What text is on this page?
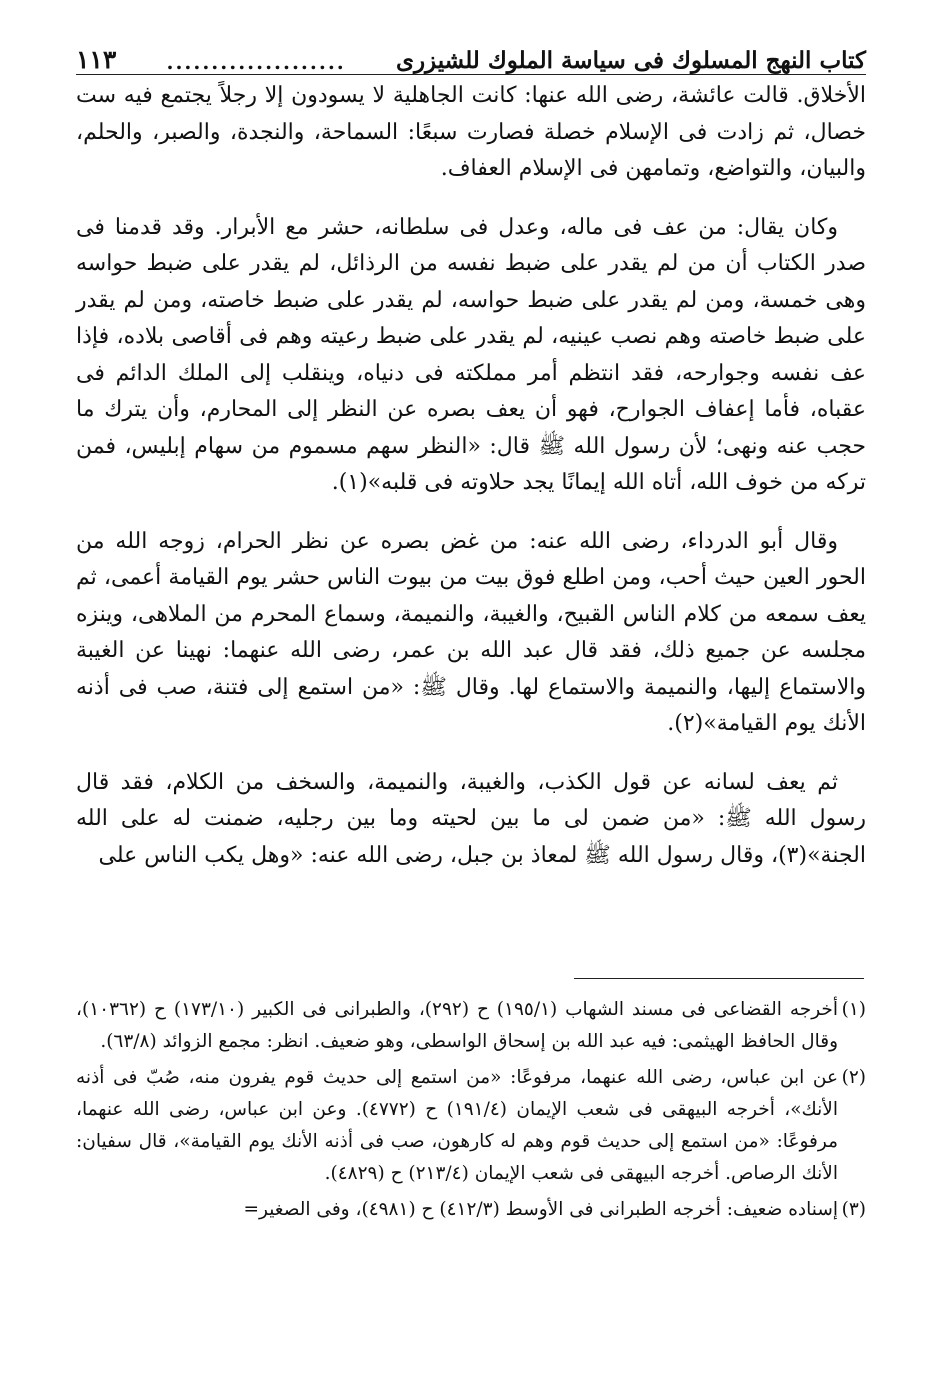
كتاب النهج المسلوك فى سياسة الملوك للشيزرى
....................
١١٣

الأخلاق. قالت عائشة، رضى الله عنها: كانت الجاهلية لا يسودون إلا رجلاً يجتمع فيه ست خصال، ثم زادت فى الإسلام خصلة فصارت سبعًا: السماحة، والنجدة، والصبر، والحلم، والبيان، والتواضع، وتمامهن فى الإسلام العفاف.

وكان يقال: من عف فى ماله، وعدل فى سلطانه، حشر مع الأبرار. وقد قدمنا فى صدر الكتاب أن من لم يقدر على ضبط نفسه من الرذائل، لم يقدر على ضبط حواسه وهى خمسة، ومن لم يقدر على ضبط حواسه، لم يقدر على ضبط خاصته، ومن لم يقدر على ضبط خاصته وهم نصب عينيه، لم يقدر على ضبط رعيته وهم فى أقاصى بلاده، فإذا عف نفسه وجوارحه، فقد انتظم أمر مملكته فى دنياه، وينقلب إلى الملك الدائم فى عقباه، فأما إعفاف الجوارح، فهو أن يعف بصره عن النظر إلى المحارم، وأن يترك ما حجب عنه ونهى؛ لأن رسول الله ﷺ قال: «النظر سهم مسموم من سهام إبليس، فمن تركه من خوف الله، أتاه الله إيمانًا يجد حلاوته فى قلبه»(١).

وقال أبو الدرداء، رضى الله عنه: من غض بصره عن نظر الحرام، زوجه الله من الحور العين حيث أحب، ومن اطلع فوق بيت من بيوت الناس حشر يوم القيامة أعمى، ثم يعف سمعه من كلام الناس القبيح، والغيبة، والنميمة، وسماع المحرم من الملاهى، وينزه مجلسه عن جميع ذلك، فقد قال عبد الله بن عمر، رضى الله عنهما: نهينا عن الغيبة والاستماع إليها، والنميمة والاستماع لها. وقال ﷺ: «من استمع إلى فتنة، صب فى أذنه الأنك يوم القيامة»(٢).

ثم يعف لسانه عن قول الكذب، والغيبة، والنميمة، والسخف من الكلام، فقد قال رسول الله ﷺ: «من ضمن لى ما بين لحيته وما بين رجليه، ضمنت له على الله الجنة»(٣)، وقال رسول الله ﷺ لمعاذ بن جبل، رضى الله عنه: «وهل يكب الناس على

(١)أخرجه القضاعى فى مسند الشهاب (١٩٥/١) ح (٢٩٢)، والطبرانى فى الكبير (١٧٣/١٠) ح (١٠٣٦٢)، وقال الحافظ الهيثمى: فيه عبد الله بن إسحاق الواسطى، وهو ضعيف. انظر: مجمع الزوائد (٦٣/٨).

(٢)عن ابن عباس، رضى الله عنهما، مرفوعًا: «من استمع إلى حديث قوم يفرون منه، صُبّ فى أذنه الأنك»، أخرجه البيهقى فى شعب الإيمان (١٩١/٤) ح (٤٧٧٢). وعن ابن عباس، رضى الله عنهما، مرفوعًا: «من استمع إلى حديث قوم وهم له كارهون، صب فى أذنه الأنك يوم القيامة»، قال سفيان: الأنك الرصاص. أخرجه البيهقى فى شعب الإيمان (٢١٣/٤) ح (٤٨٢٩).

(٣)إسناده ضعيف: أخرجه الطبرانى فى الأوسط (٤١٢/٣) ح (٤٩٨١)، وفى الصغير=
